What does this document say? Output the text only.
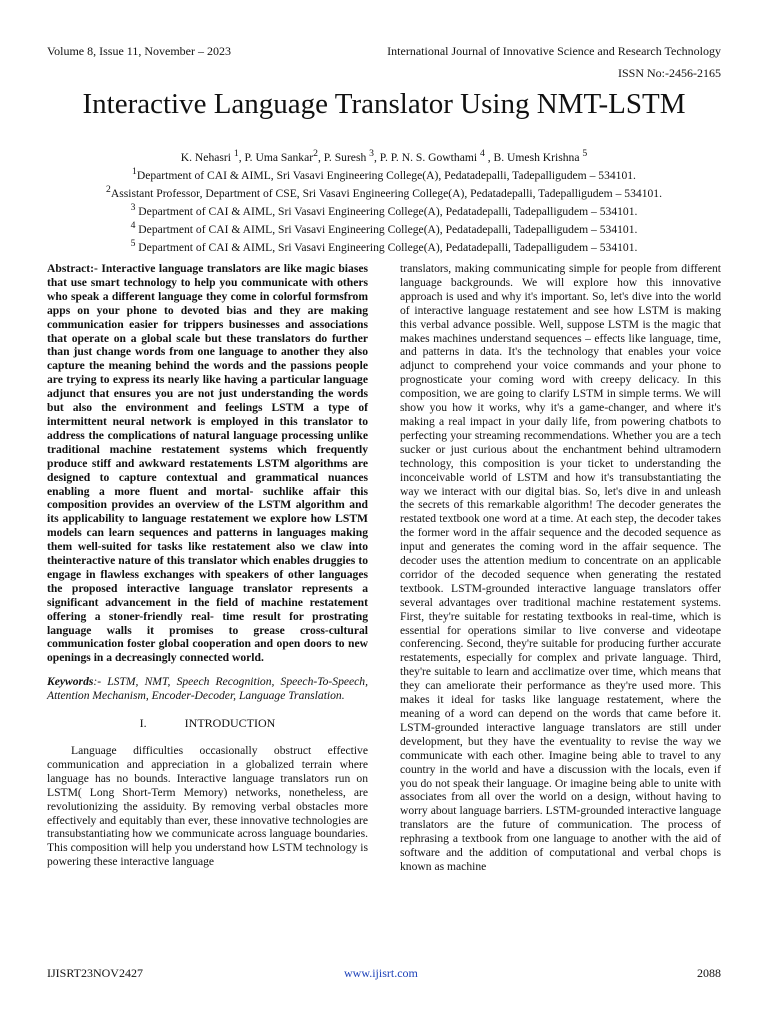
Volume 8, Issue 11, November – 2023	International Journal of Innovative Science and Research Technology
ISSN No:-2456-2165
Interactive Language Translator Using NMT-LSTM
K. Nehasri $^1$, P. Uma Sankar$^2$, P. Suresh $^3$, P. P. N. S. Gowthami $^4$ , B. Umesh Krishna $^5$
$^1$Department of CAI & AIML, Sri Vasavi Engineering College(A), Pedatadepalli, Tadepalligudem – 534101.
$^2$Assistant Professor, Department of CSE, Sri Vasavi Engineering College(A), Pedatadepalli, Tadepalligudem – 534101.
$^3$ Department of CAI & AIML, Sri Vasavi Engineering College(A), Pedatadepalli, Tadepalligudem – 534101.
$^4$ Department of CAI & AIML, Sri Vasavi Engineering College(A), Pedatadepalli, Tadepalligudem – 534101.
$^5$ Department of CAI & AIML, Sri Vasavi Engineering College(A), Pedatadepalli, Tadepalligudem – 534101.

Abstract:- Interactive language translators are like magic biases that use smart technology to help you communicate with others who speak a different language they come in colorful formsfrom apps on your phone to devoted bias and they are making communication easier for trippers businesses and associations that operate on a global scale but these translators do further than just change words from one language to another they also capture the meaning behind the words and the passions people are trying to express its nearly like having a particular language adjunct that ensures you are not just understanding the words but also the environment and feelings LSTM a type of intermittent neural network is employed in this translator to address the complications of natural language processing unlike traditional machine restatement systems which frequently produce stiff and awkward restatements LSTM algorithms are designed to capture contextual and grammatical nuances enabling a more fluent and mortal- suchlike affair this composition provides an overview of the LSTM algorithm and its applicability to language restatement we explore how LSTM models can learn sequences and patterns in languages making them well-suited for tasks like restatement also we claw into theinteractive nature of this translator which enables druggies to engage in flawless exchanges with speakers of other languages the proposed interactive language translator represents a significant advancement in the field of machine restatement offering a stoner-friendly real- time result for prostrating language walls it promises to grease cross-cultural communication foster global cooperation and open doors to new openings in a decreasingly connected world.

Keywords:- LSTM, NMT, Speech Recognition, Speech-To-Speech, Attention Mechanism, Encoder-Decoder, Language Translation.

I.	INTRODUCTION

Language difficulties occasionally obstruct effective communication and appreciation in a globalized terrain where language has no bounds. Interactive language translators run on LSTM( Long Short-Term Memory) networks, nonetheless, are revolutionizing the assiduity. By removing verbal obstacles more effectively and equitably than ever, these innovative technologies are transubstantiating how we communicate across language boundaries. This composition will help you understand how LSTM technology is powering these interactive language

translators, making communicating simple for people from different language backgrounds. We will explore how this innovative approach is used and why it's important. So, let's dive into the world of interactive language restatement and see how LSTM is making this verbal advance possible. Well, suppose LSTM is the magic that makes machines understand sequences – effects like language, time, and patterns in data. It's the technology that enables your voice adjunct to comprehend your voice commands and your phone to prognosticate your coming word with creepy delicacy. In this composition, we are going to clarify LSTM in simple terms. We will show you how it works, why it's a game-changer, and where it's making a real impact in your daily life, from powering chatbots to perfecting your streaming recommendations. Whether you are a tech sucker or just curious about the enchantment behind ultramodern technology, this composition is your ticket to understanding the inconceivable world of LSTM and how it's transubstantiating the way we interact with our digital bias. So, let's dive in and unleash the secrets of this remarkable algorithm! The decoder generates the restated textbook one word at a time. At each step, the decoder takes the former word in the affair sequence and the decoded sequence as input and generates the coming word in the affair sequence. The decoder uses the attention medium to concentrate on an applicable corridor of the decoded sequence when generating the restated textbook. LSTM-grounded interactive language translators offer several advantages over traditional machine restatement systems. First, they're suitable for restating textbooks in real-time, which is essential for operations similar to live converse and videotape conferencing. Second, they're suitable for producing further accurate restatements, especially for complex and private language. Third, they're suitable to learn and acclimatize over time, which means that they can ameliorate their performance as they're used more. This makes it ideal for tasks like language restatement, where the meaning of a word can depend on the words that came before it. LSTM-grounded interactive language translators are still under development, but they have the eventuality to revise the way we communicate with each other. Imagine being able to travel to any country in the world and have a discussion with the locals, even if you do not speak their language. Or imagine being able to unite with associates from all over the world on a design, without having to worry about language barriers. LSTM-grounded interactive language translators are the future of communication. The process of rephrasing a textbook from one language to another with the aid of software and the addition of computational and verbal chops is known as machine

IJISRT23NOV2427	www.ijisrt.com	2088
